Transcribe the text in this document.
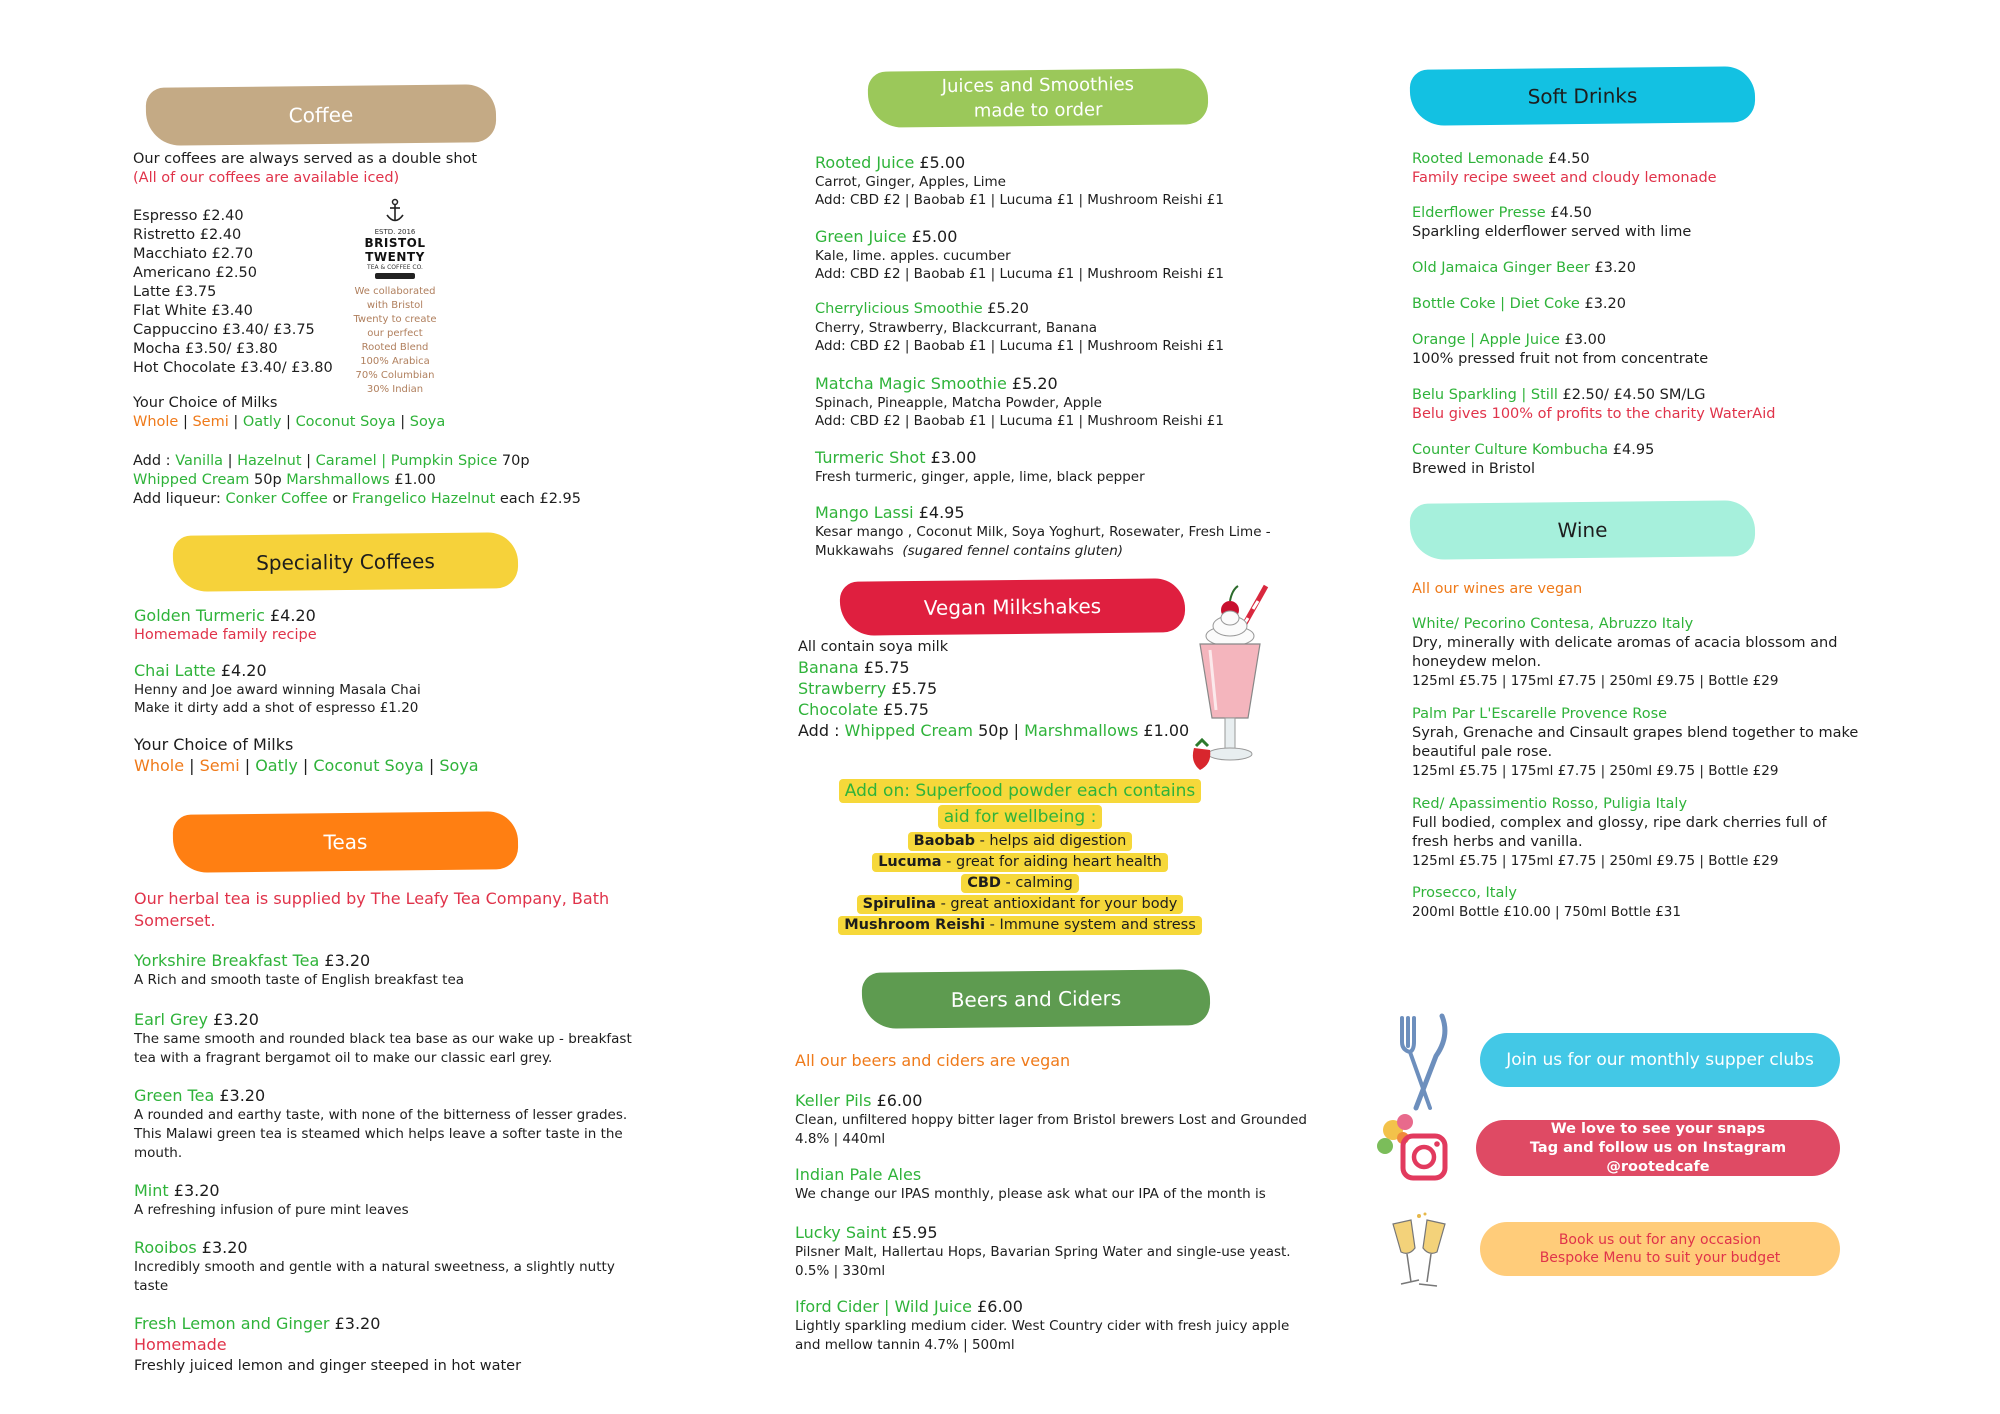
Coffee
Our coffees are always served as a double shot
(All of our coffees are available iced)
Espresso £2.40
Ristretto £2.40
Macchiato £2.70
Americano £2.50
Latte £3.75
Flat White £3.40
Cappuccino £3.40/ £3.75
Mocha £3.50/ £3.80
Hot Chocolate £3.40/ £3.80
ESTD. 2016
BRISTOL TWENTY
TEA & COFFEE CO.
We collaborated
with Bristol
Twenty to create
our perfect
Rooted Blend
100% Arabica
70% Columbian
30% Indian
Your Choice of Milks
Whole | Semi | Oatly | Coconut Soya | Soya
Add : Vanilla | Hazelnut | Caramel | Pumpkin Spice 70p
Whipped Cream 50p Marshmallows £1.00
Add liqueur: Conker Coffee or Frangelico Hazelnut each £2.95
Speciality Coffees
Golden Turmeric £4.20
Homemade family recipe
Chai Latte £4.20
Henny and Joe award winning Masala Chai
Make it dirty add a shot of espresso £1.20
Your Choice of Milks
Whole | Semi | Oatly | Coconut Soya | Soya
Teas
Our herbal tea is supplied by The Leafy Tea Company, Bath Somerset.
Yorkshire Breakfast Tea £3.20
A Rich and smooth taste of English breakfast tea
Earl Grey £3.20
The same smooth and rounded black tea base as our wake up - breakfast tea with a fragrant bergamot oil to make our classic earl grey.
Green Tea £3.20
A rounded and earthy taste, with none of the bitterness of lesser grades. This Malawi green tea is steamed which helps leave a softer taste in the mouth.
Mint £3.20
A refreshing infusion of pure mint leaves
Rooibos £3.20
Incredibly smooth and gentle with a natural sweetness, a slightly nutty taste
Fresh Lemon and Ginger £3.20
Homemade
Freshly juiced lemon and ginger steeped in hot water
Juices and Smoothies
made to order
Rooted Juice £5.00
Carrot, Ginger, Apples, Lime
Add: CBD £2 | Baobab £1 | Lucuma £1 | Mushroom Reishi £1
Green Juice £5.00
Kale, lime. apples. cucumber
Add: CBD £2 | Baobab £1 | Lucuma £1 | Mushroom Reishi £1
Cherrylicious Smoothie £5.20
Cherry, Strawberry, Blackcurrant, Banana
Add: CBD £2 | Baobab £1 | Lucuma £1 | Mushroom Reishi £1
Matcha Magic Smoothie £5.20
Spinach, Pineapple, Matcha Powder, Apple
Add: CBD £2 | Baobab £1 | Lucuma £1 | Mushroom Reishi £1
Turmeric Shot £3.00
Fresh turmeric, ginger, apple, lime, black pepper
Mango Lassi £4.95
Kesar mango , Coconut Milk, Soya Yoghurt, Rosewater, Fresh Lime - Mukkawahs (sugared fennel contains gluten)
Vegan Milkshakes
All contain soya milk
Banana £5.75
Strawberry £5.75
Chocolate £5.75
Add : Whipped Cream 50p | Marshmallows £1.00
Add on: Superfood powder each contains
aid for wellbeing :
Baobab - helps aid digestion
Lucuma - great for aiding heart health
CBD - calming
Spirulina - great antioxidant for your body
Mushroom Reishi - Immune system and stress
Beers and Ciders
All our beers and ciders are vegan
Keller Pils £6.00
Clean, unfiltered hoppy bitter lager from Bristol brewers Lost and Grounded 4.8% | 440ml
Indian Pale Ales
We change our IPAS monthly, please ask what our IPA of the month is
Lucky Saint £5.95
Pilsner Malt, Hallertau Hops, Bavarian Spring Water and single-use yeast. 0.5% | 330ml
Iford Cider | Wild Juice £6.00
Lightly sparkling medium cider. West Country cider with fresh juicy apple and mellow tannin 4.7% | 500ml
Soft Drinks
Rooted Lemonade £4.50
Family recipe sweet and cloudy lemonade
Elderflower Presse £4.50
Sparkling elderflower served with lime
Old Jamaica Ginger Beer £3.20
Bottle Coke | Diet Coke £3.20
Orange | Apple Juice £3.00
100% pressed fruit not from concentrate
Belu Sparkling | Still £2.50/ £4.50 SM/LG
Belu gives 100% of profits to the charity WaterAid
Counter Culture Kombucha £4.95
Brewed in Bristol
Wine
All our wines are vegan
White/ Pecorino Contesa, Abruzzo Italy
Dry, minerally with delicate aromas of acacia blossom and honeydew melon.
125ml £5.75 | 175ml £7.75 | 250ml £9.75 | Bottle £29
Palm Par L'Escarelle Provence Rose
Syrah, Grenache and Cinsault grapes blend together to make beautiful pale rose.
125ml £5.75 | 175ml £7.75 | 250ml £9.75 | Bottle £29
Red/ Apassimentio Rosso, Puligia Italy
Full bodied, complex and glossy, ripe dark cherries full of fresh herbs and vanilla.
125ml £5.75 | 175ml £7.75 | 250ml £9.75 | Bottle £29
Prosecco, Italy
200ml Bottle £10.00 | 750ml Bottle £31
Join us for our monthly supper clubs
We love to see your snaps
Tag and follow us on Instagram @rootedcafe
Book us out for any occasion
Bespoke Menu to suit your budget
